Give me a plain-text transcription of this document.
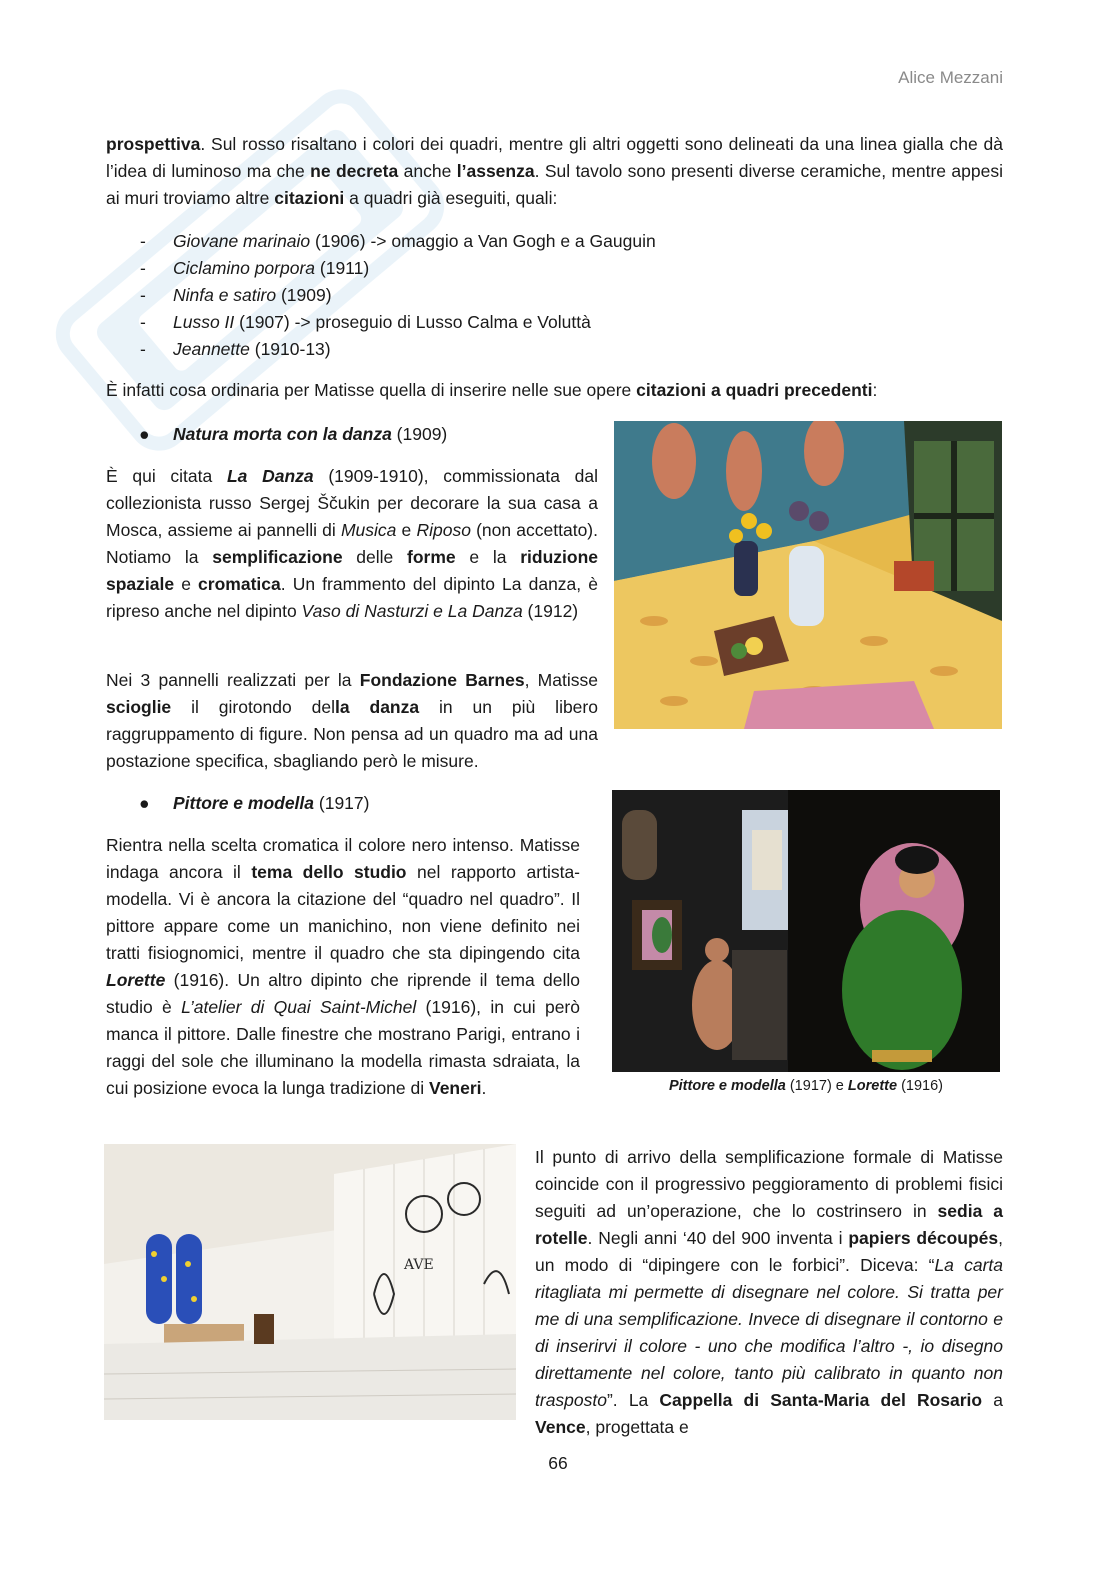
Alice Mezzani

prospettiva. Sul rosso risaltano i colori dei quadri, mentre gli altri oggetti sono delineati da una linea gialla che dà l’idea di luminoso ma che ne decreta anche l’assenza. Sul tavolo sono presenti diverse ceramiche, mentre appesi ai muri troviamo altre citazioni a quadri già eseguiti, quali:

- Giovane marinaio (1906) -> omaggio a Van Gogh e a Gauguin
- Ciclamino porpora (1911)
- Ninfa e satiro (1909)
- Lusso II (1907) -> proseguio di Lusso Calma e Voluttà
- Jeannette (1910-13)

È infatti cosa ordinaria per Matisse quella di inserire nelle sue opere citazioni a quadri precedenti:

● Natura morta con la danza (1909)

È qui citata La Danza (1909-1910), commissionata dal collezionista russo Sergej Ščukin per decorare la sua casa a Mosca, assieme ai pannelli di Musica e Riposo (non accettato). Notiamo la semplificazione delle forme e la riduzione spaziale e cromatica. Un frammento del dipinto La danza, è ripreso anche nel dipinto Vaso di Nasturzi e La Danza (1912)

Nei 3 pannelli realizzati per la Fondazione Barnes, Matisse scioglie il girotondo della danza in un più libero raggruppamento di figure. Non pensa ad un quadro ma ad una postazione specifica, sbagliando però le misure.

● Pittore e modella (1917)

Rientra nella scelta cromatica il colore nero intenso. Matisse indaga ancora il tema dello studio nel rapporto artista-modella. Vi è ancora la citazione del “quadro nel quadro”. Il pittore appare come un manichino, non viene definito nei tratti fisiognomici, mentre il quadro che sta dipingendo cita Lorette (1916). Un altro dipinto che riprende il tema dello studio è L’atelier di Quai Saint-Michel (1916), in cui però manca il pittore. Dalle finestre che mostrano Parigi, entrano i raggi del sole che illuminano la modella rimasta sdraiata, la cui posizione evoca la lunga tradizione di Veneri.	Pittore e modella (1917) e Lorette (1916)
AVE

Il punto di arrivo della semplificazione formale di Matisse coincide con il progressivo peggioramento di problemi fisici seguiti ad un’operazione, che lo costrinsero in sedia a rotelle. Negli anni ‘40 del 900 inventa i papiers découpés, un modo di “dipingere con le forbici”. Diceva: “La carta ritagliata mi permette di disegnare nel colore. Si tratta per me di una semplificazione. Invece di disegnare il contorno e di inserirvi il colore - uno che modifica l’altro -, io disegno direttamente nel colore, tanto più calibrato in quanto non trasposto”. La Cappella di Santa-Maria del Rosario a Vence, progettata e

66
